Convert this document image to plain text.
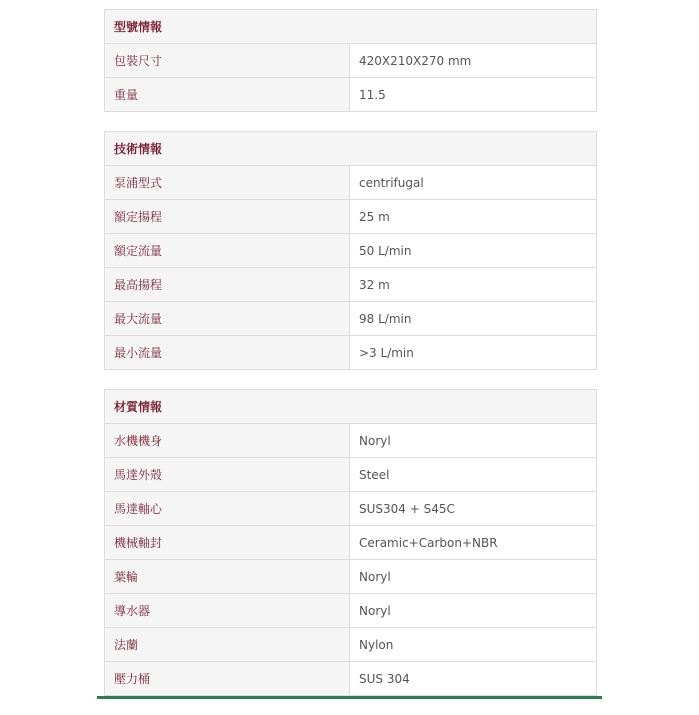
型號情報	
包裝尺寸	420X210X270 mm
重量	11.5
技術情報	
泵浦型式	centrifugal
額定揚程	25 m
額定流量	50 L/min
最高揚程	32 m
最大流量	98 L/min
最小流量	>3 L/min
材質情報	
水機機身	Noryl
馬達外殼	Steel
馬達軸心	SUS304 + S45C
機械軸封	Ceramic+Carbon+NBR
葉輪	Noryl
導水器	Noryl
法蘭	Nylon
壓力桶	SUS 304
